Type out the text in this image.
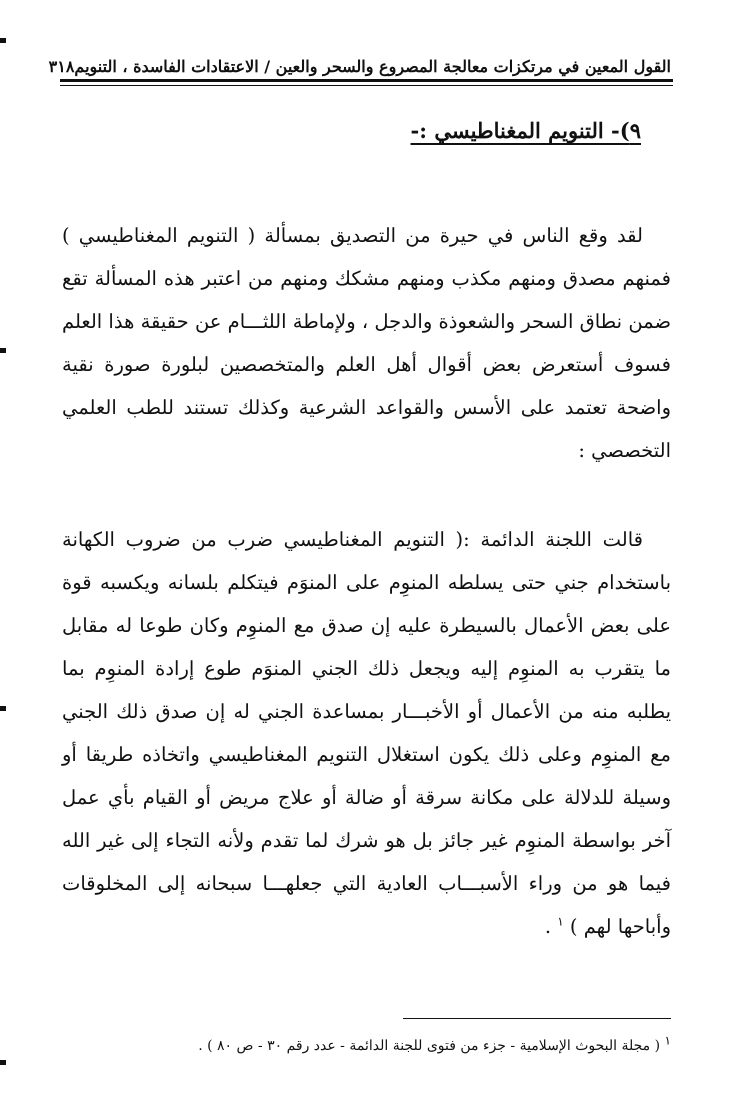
القول المعين في مرتكزات معالجة المصروع والسحر والعين / الاعتقادات الفاسدة ، التنويم
٣١٨
٩)- التنويم المغناطيسي :-

لقد وقع الناس في حيرة من التصديق بمسألة ( التنويم المغناطيسي ) فمنهم مصدق ومنهم مكذب ومنهم مشكك ومنهم من اعتبر هذه المسألة تقع ضمن نطاق السحر والشعوذة والدجل ، ولإماطة اللثـــام عن حقيقة هذا العلم فسوف أستعرض بعض أقوال أهل العلم والمتخصصين لبلورة صورة نقية واضحة تعتمد على الأسس والقواعد الشرعية وكذلك تستند للطب العلمي التخصصي :

قالت اللجنة الدائمة :( التنويم المغناطيسي ضرب من ضروب الكهانة باستخدام جني حتى يسلطه المنوِم على المنوَم فيتكلم بلسانه ويكسبه قوة على بعض الأعمال بالسيطرة عليه إن صدق مع المنوِم وكان طوعا له مقابل ما يتقرب به المنوِم إليه ويجعل ذلك الجني المنوَم طوع إرادة المنوِم بما يطلبه منه من الأعمال أو الأخبـــار بمساعدة الجني له إن صدق ذلك الجني مع المنوِم وعلى ذلك يكون استغلال التنويم المغناطيسي واتخاذه طريقا أو وسيلة للدلالة على مكانة سرقة أو ضالة أو علاج مريض أو القيام بأي عمل آخر بواسطة المنوِم غير جائز بل هو شرك لما تقدم ولأنه التجاء إلى غير الله فيما هو من وراء الأسبـــاب العادية التي جعلهـــا سبحانه إلى المخلوقات وأباحها لهم ) $^١$ .

$^١$ ( مجلة البحوث الإسلامية - جزء من فتوى للجنة الدائمة - عدد رقم ٣٠ - ص ٨٠ ) .
